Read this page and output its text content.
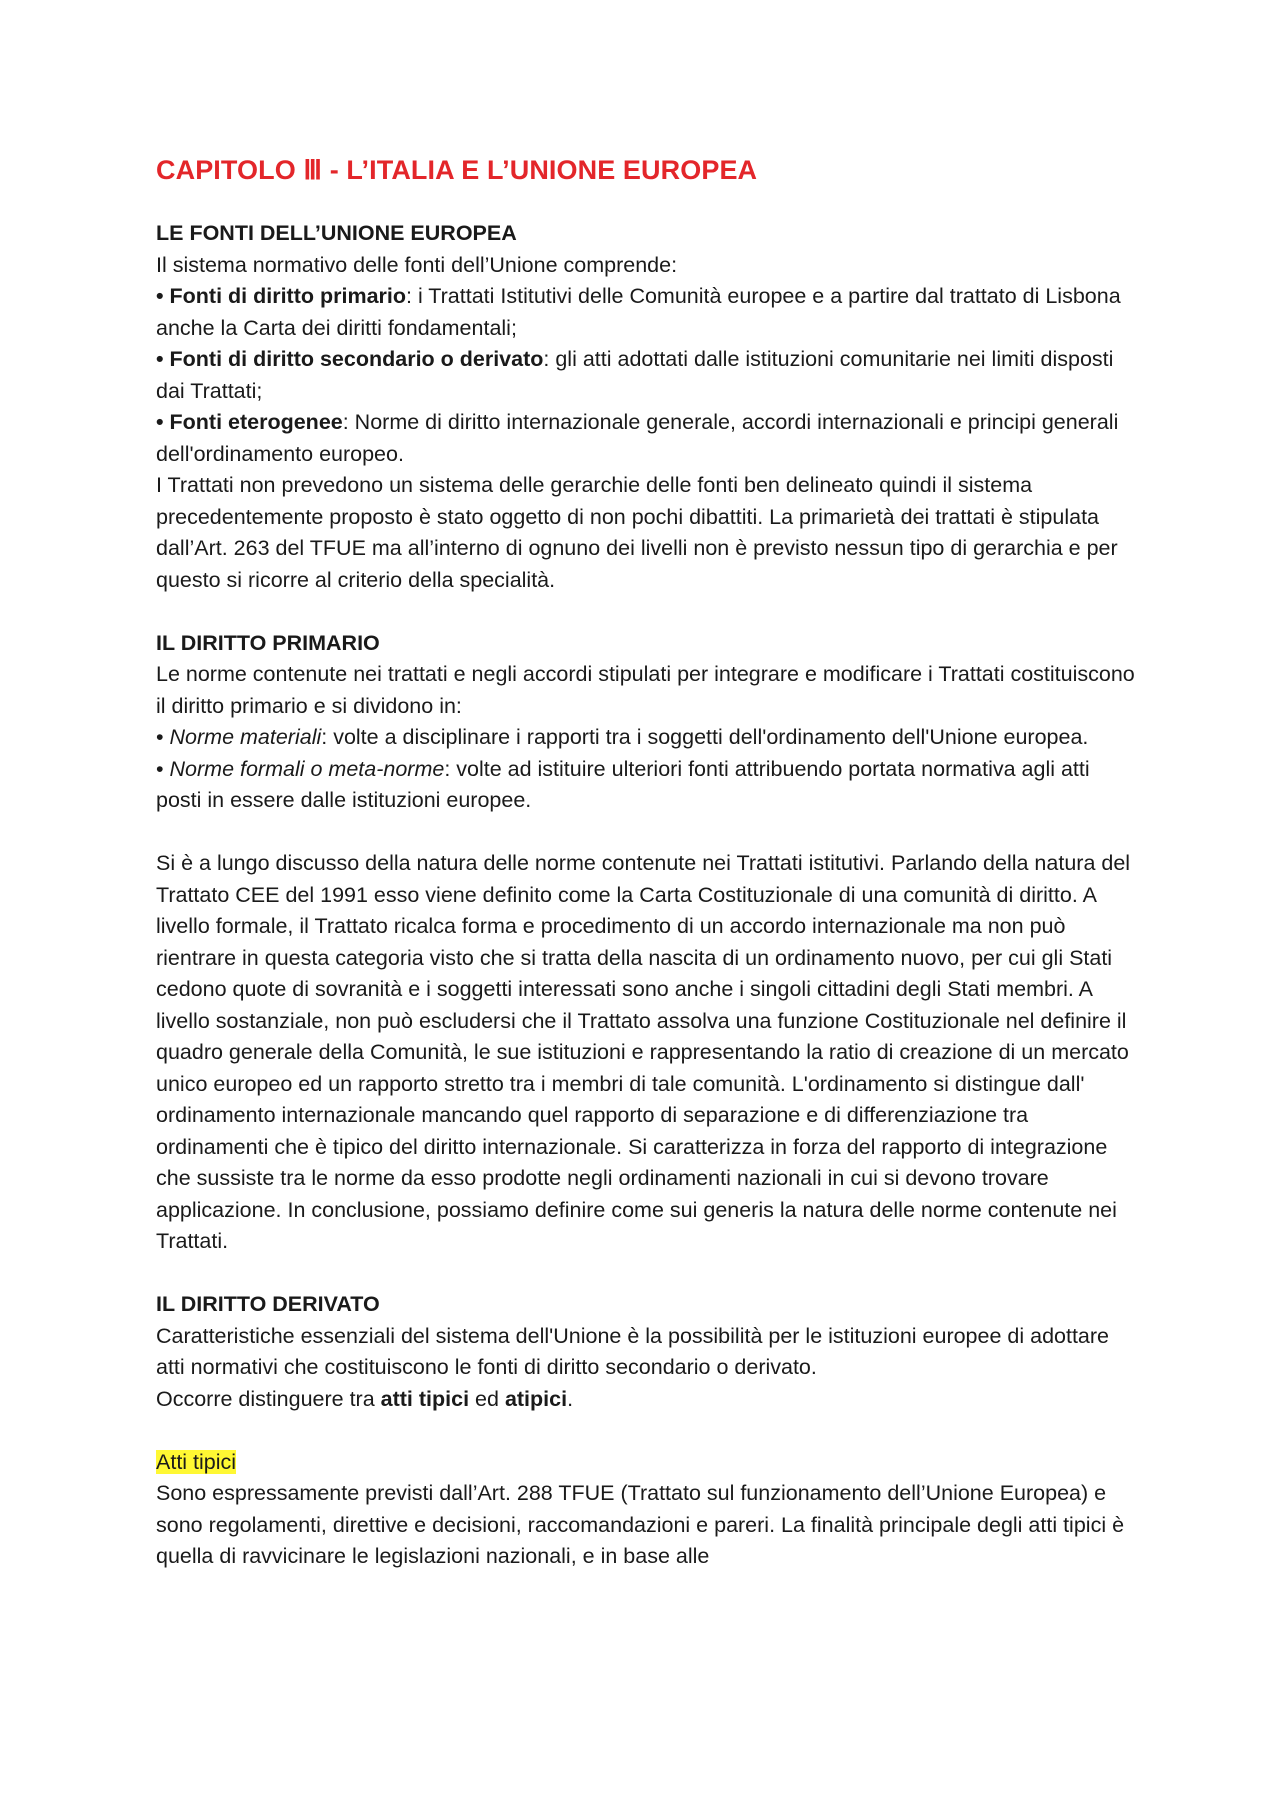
CAPITOLO Ⅲ - L’ITALIA E L’UNIONE EUROPEA
LE FONTI DELL’UNIONE EUROPEA

Il sistema normativo delle fonti dell’Unione comprende:

• Fonti di diritto primario: i Trattati Istitutivi delle Comunità europee e a partire dal trattato di Lisbona anche la Carta dei diritti fondamentali;
• Fonti di diritto secondario o derivato: gli atti adottati dalle istituzioni comunitarie nei limiti disposti dai Trattati;
• Fonti eterogenee: Norme di diritto internazionale generale, accordi internazionali e principi generali dell'ordinamento europeo.

I Trattati non prevedono un sistema delle gerarchie delle fonti ben delineato quindi il sistema precedentemente proposto è stato oggetto di non pochi dibattiti. La primarietà dei trattati è stipulata dall’Art. 263 del TFUE ma all’interno di ognuno dei livelli non è previsto nessun tipo di gerarchia e per questo si ricorre al criterio della specialità.

IL DIRITTO PRIMARIO

Le norme contenute nei trattati e negli accordi stipulati per integrare e modificare i Trattati costituiscono il diritto primario e si dividono in:

• Norme materiali: volte a disciplinare i rapporti tra i soggetti dell'ordinamento dell'Unione europea.
• Norme formali o meta-norme: volte ad istituire ulteriori fonti attribuendo portata normativa agli atti posti in essere dalle istituzioni europee.

Si è a lungo discusso della natura delle norme contenute nei Trattati istitutivi. Parlando della natura del Trattato CEE del 1991 esso viene definito come la Carta Costituzionale di una comunità di diritto. A livello formale, il Trattato ricalca forma e procedimento di un accordo internazionale ma non può rientrare in questa categoria visto che si tratta della nascita di un ordinamento nuovo, per cui gli Stati cedono quote di sovranità e i soggetti interessati sono anche i singoli cittadini degli Stati membri. A livello sostanziale, non può escludersi che il Trattato assolva una funzione Costituzionale nel definire il quadro generale della Comunità, le sue istituzioni e rappresentando la ratio di creazione di un mercato unico europeo ed un rapporto stretto tra i membri di tale comunità. L'ordinamento si distingue dall' ordinamento internazionale mancando quel rapporto di separazione e di differenziazione tra ordinamenti che è tipico del diritto internazionale. Si caratterizza in forza del rapporto di integrazione che sussiste tra le norme da esso prodotte negli ordinamenti nazionali in cui si devono trovare applicazione. In conclusione, possiamo definire come sui generis la natura delle norme contenute nei Trattati.

IL DIRITTO DERIVATO

Caratteristiche essenziali del sistema dell'Unione è la possibilità per le istituzioni europee di adottare atti normativi che costituiscono le fonti di diritto secondario o derivato.

Occorre distinguere tra atti tipici ed atipici.

Atti tipici

Sono espressamente previsti dall’Art. 288 TFUE (Trattato sul funzionamento dell’Unione Europea) e sono regolamenti, direttive e decisioni, raccomandazioni e pareri. La finalità principale degli atti tipici è quella di ravvicinare le legislazioni nazionali, e in base alle
